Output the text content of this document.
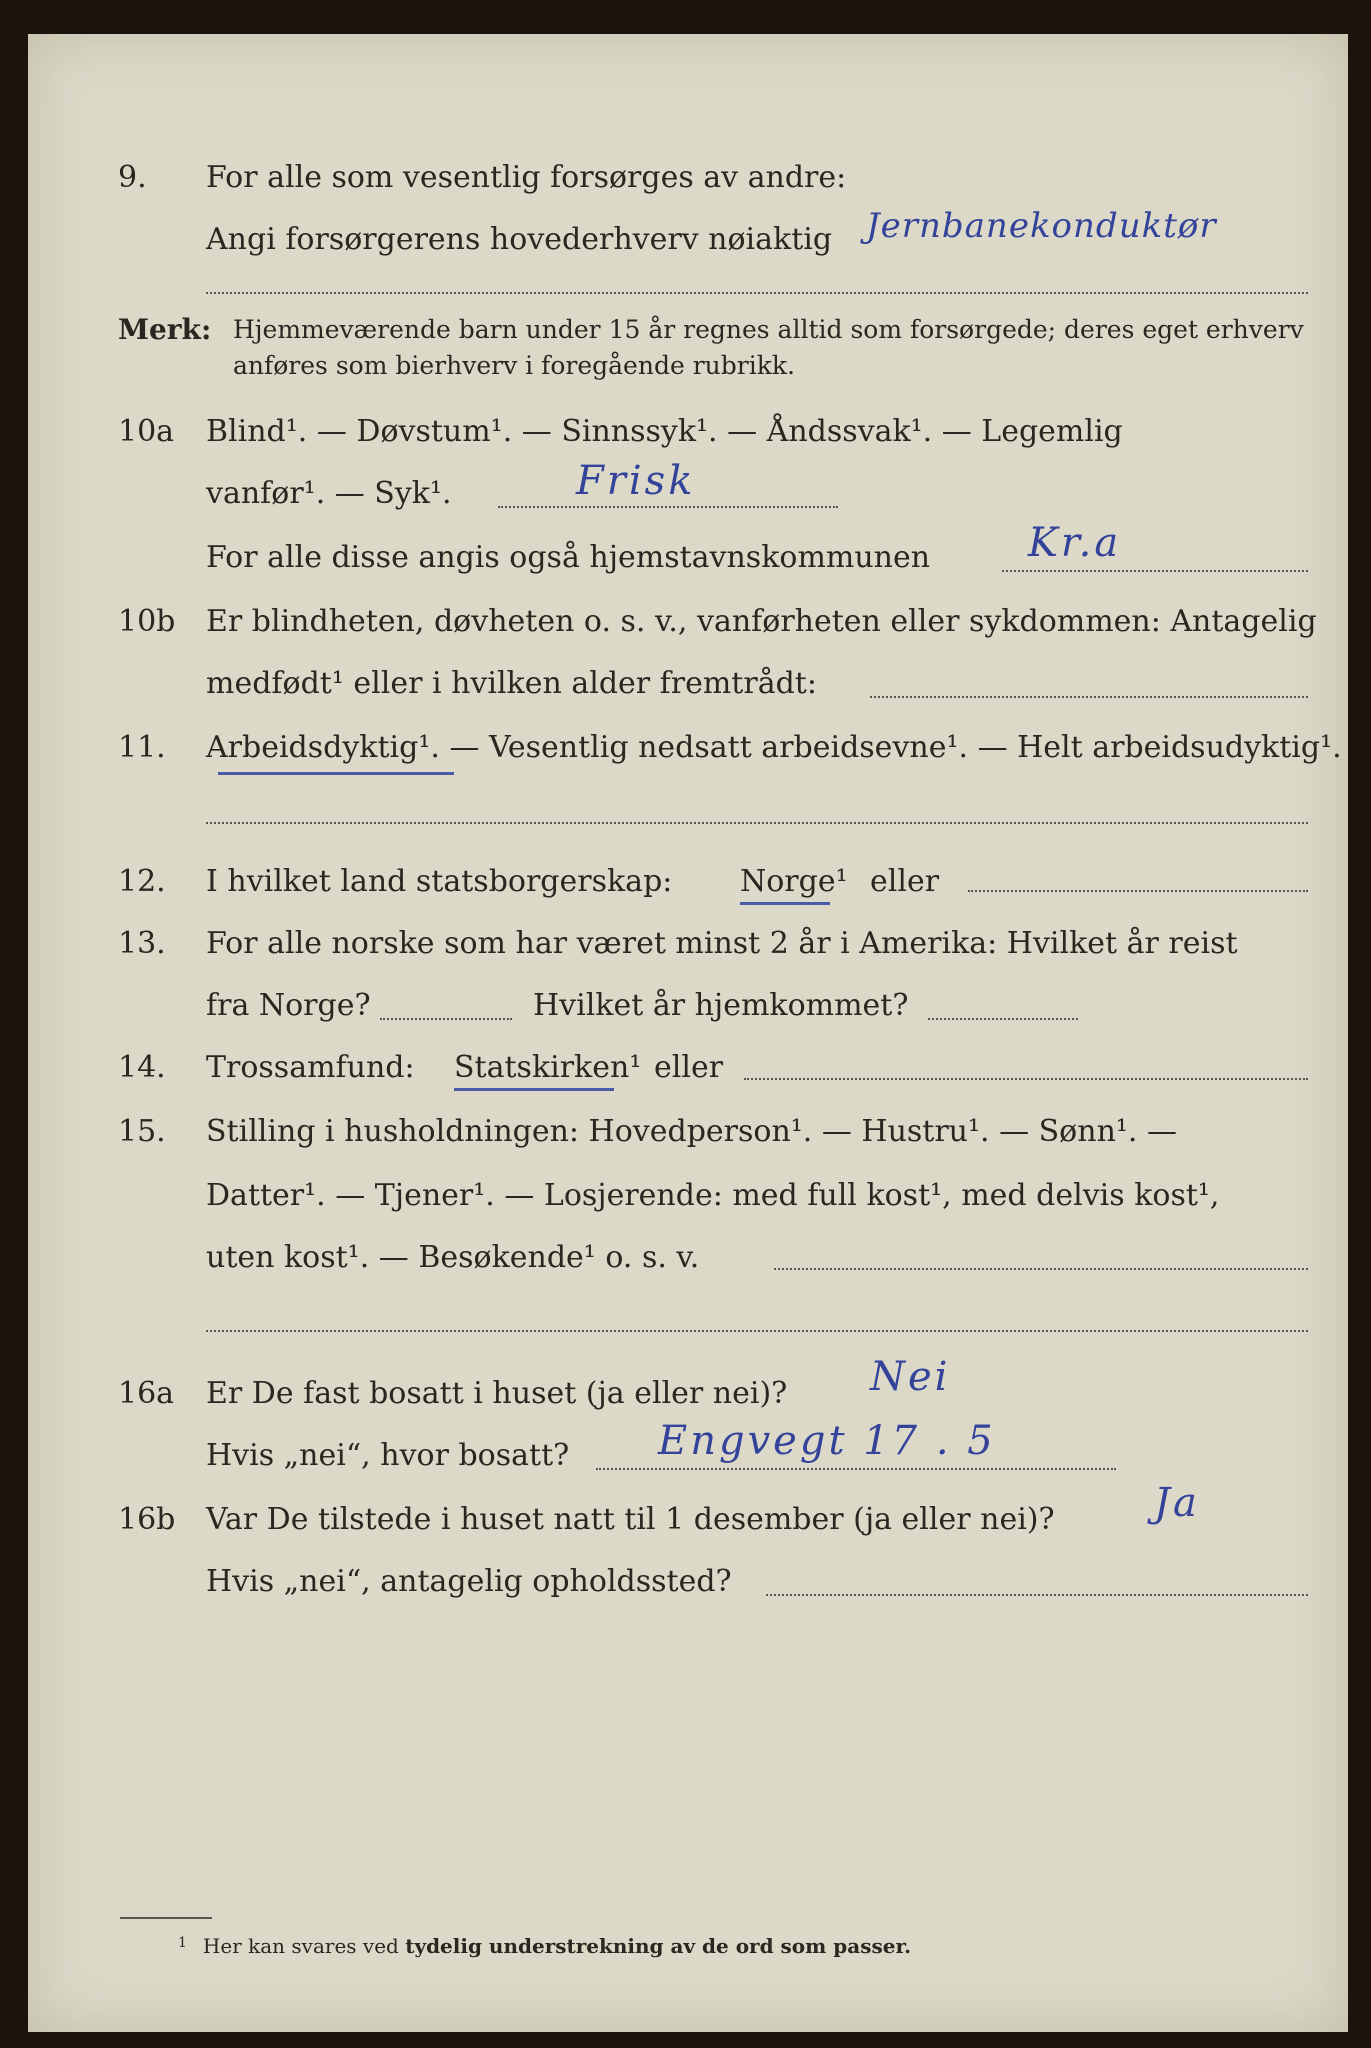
9. For alle som vesentlig forsørges av andre:
Angi forsørgerens hovederhverv nøiaktig Jernbanekonduktør
Merk: Hjemmeværende barn under 15 år regnes alltid som forsørgede; deres eget erhverv
anføres som bierhverv i foregående rubrikk.
10a Blind¹. — Døvstum¹. — Sinnssyk¹. — Åndssvak¹. — Legemlig
vanfør¹. — Syk¹.	Frisk
For alle disse angis også hjemstavnskommunen Kr.a
10b Er blindheten, døvheten o. s. v., vanførheten eller sykdommen: Antagelig
medfødt¹ eller i hvilken alder fremtrådt:
11. Arbeidsdyktig¹. — Vesentlig nedsatt arbeidsevne¹. — Helt arbeidsudyktig¹.
12. I hvilket land statsborgerskap: Norge¹ eller
13. For alle norske som har været minst 2 år i Amerika: Hvilket år reist
fra Norge?	Hvilket år hjemkommet?
14. Trossamfund: Statskirken¹ eller
15. Stilling i husholdningen: Hovedperson¹. — Hustru¹. — Sønn¹. —
Datter¹. — Tjener¹. — Losjerende: med full kost¹, med delvis kost¹,
uten kost¹. — Besøkende¹ o. s. v.
16a Er De fast bosatt i huset (ja eller nei)? Nei
Hvis „nei“, hvor bosatt? Engvegt 17 . 5
16b Var De tilstede i huset natt til 1 desember (ja eller nei)? Ja
Hvis „nei“, antagelig opholdssted?
$^1$ Her kan svares ved tydelig understrekning av de ord som passer.
